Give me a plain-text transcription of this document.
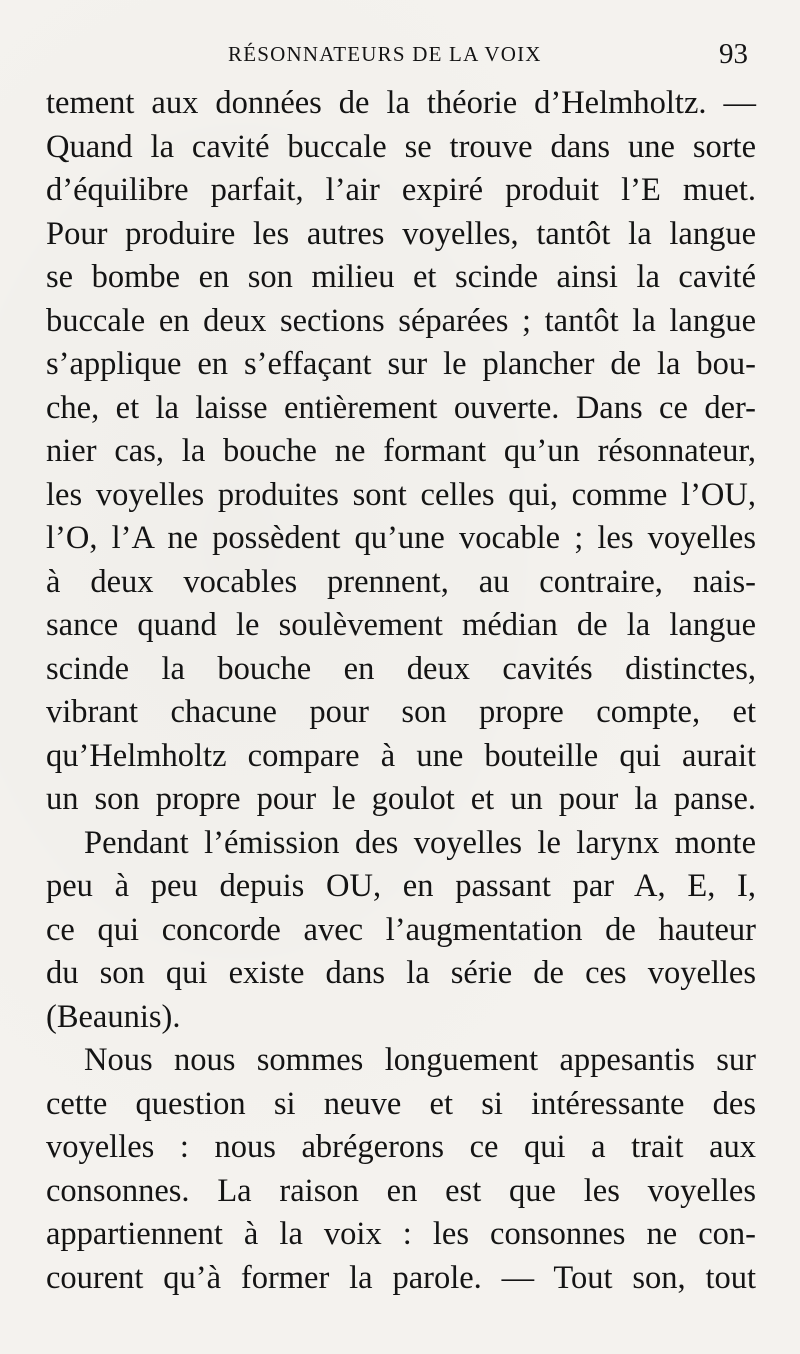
RÉSONNATEURS DE LA VOIX	93

tement aux données de la théorie d’Helmholtz. —
Quand la cavité buccale se trouve dans une sorte
d’équilibre parfait, l’air expiré produit l’E muet.
Pour produire les autres voyelles, tantôt la langue
se bombe en son milieu et scinde ainsi la cavité
buccale en deux sections séparées ; tantôt la langue
s’applique en s’effaçant sur le plancher de la bou-
che, et la laisse entièrement ouverte. Dans ce der-
nier cas, la bouche ne formant qu’un résonnateur,
les voyelles produites sont celles qui, comme l’OU,
l’O, l’A ne possèdent qu’une vocable ; les voyelles
à deux vocables prennent, au contraire, nais-
sance quand le soulèvement médian de la langue
scinde la bouche en deux cavités distinctes,
vibrant chacune pour son propre compte, et
qu’Helmholtz compare à une bouteille qui aurait
un son propre pour le goulot et un pour la panse.

Pendant l’émission des voyelles le larynx monte
peu à peu depuis OU, en passant par A, E, I,
ce qui concorde avec l’augmentation de hauteur
du son qui existe dans la série de ces voyelles
(Beaunis).

Nous nous sommes longuement appesantis sur
cette question si neuve et si intéressante des
voyelles : nous abrégerons ce qui a trait aux
consonnes. La raison en est que les voyelles
appartiennent à la voix : les consonnes ne con-
courent qu’à former la parole. — Tout son, tout
